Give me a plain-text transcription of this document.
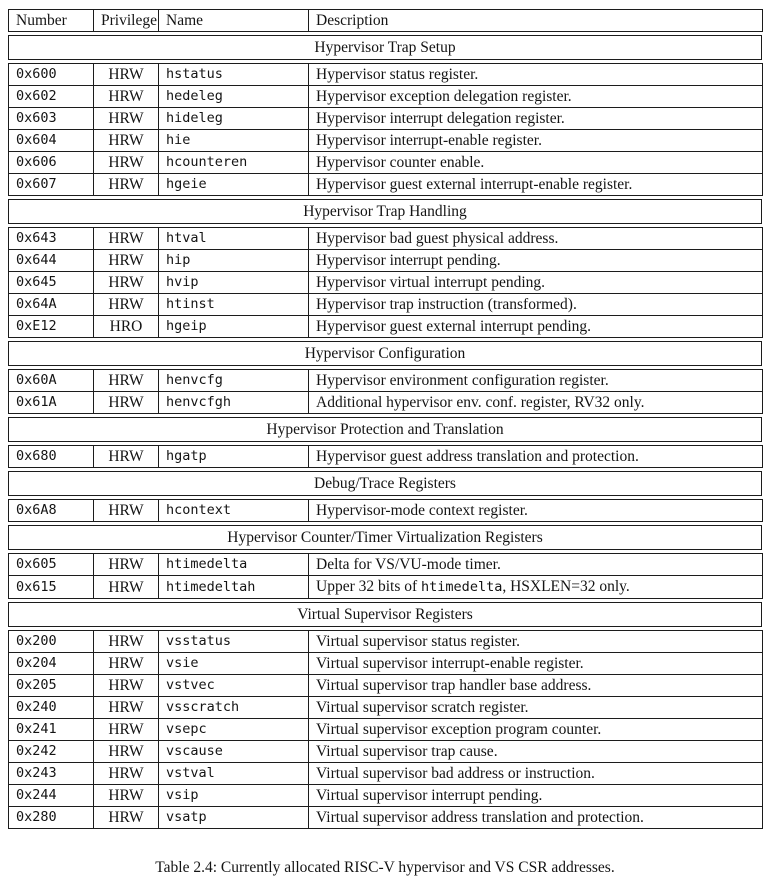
Number	Privilege	Name	Description
Hypervisor Trap Setup
0x600	HRW	hstatus	Hypervisor status register.
0x602	HRW	hedeleg	Hypervisor exception delegation register.
0x603	HRW	hideleg	Hypervisor interrupt delegation register.
0x604	HRW	hie	Hypervisor interrupt-enable register.
0x606	HRW	hcounteren	Hypervisor counter enable.
0x607	HRW	hgeie	Hypervisor guest external interrupt-enable register.
Hypervisor Trap Handling
0x643	HRW	htval	Hypervisor bad guest physical address.
0x644	HRW	hip	Hypervisor interrupt pending.
0x645	HRW	hvip	Hypervisor virtual interrupt pending.
0x64A	HRW	htinst	Hypervisor trap instruction (transformed).
0xE12	HRO	hgeip	Hypervisor guest external interrupt pending.
Hypervisor Configuration
0x60A	HRW	henvcfg	Hypervisor environment configuration register.
0x61A	HRW	henvcfgh	Additional hypervisor env. conf. register, RV32 only.
Hypervisor Protection and Translation
0x680	HRW	hgatp	Hypervisor guest address translation and protection.
Debug/Trace Registers
0x6A8	HRW	hcontext	Hypervisor-mode context register.
Hypervisor Counter/Timer Virtualization Registers
0x605	HRW	htimedelta	Delta for VS/VU-mode timer.
0x615	HRW	htimedeltah	Upper 32 bits of htimedelta, HSXLEN=32 only.
Virtual Supervisor Registers
0x200	HRW	vsstatus	Virtual supervisor status register.
0x204	HRW	vsie	Virtual supervisor interrupt-enable register.
0x205	HRW	vstvec	Virtual supervisor trap handler base address.
0x240	HRW	vsscratch	Virtual supervisor scratch register.
0x241	HRW	vsepc	Virtual supervisor exception program counter.
0x242	HRW	vscause	Virtual supervisor trap cause.
0x243	HRW	vstval	Virtual supervisor bad address or instruction.
0x244	HRW	vsip	Virtual supervisor interrupt pending.
0x280	HRW	vsatp	Virtual supervisor address translation and protection.
Table 2.4: Currently allocated RISC-V hypervisor and VS CSR addresses.
